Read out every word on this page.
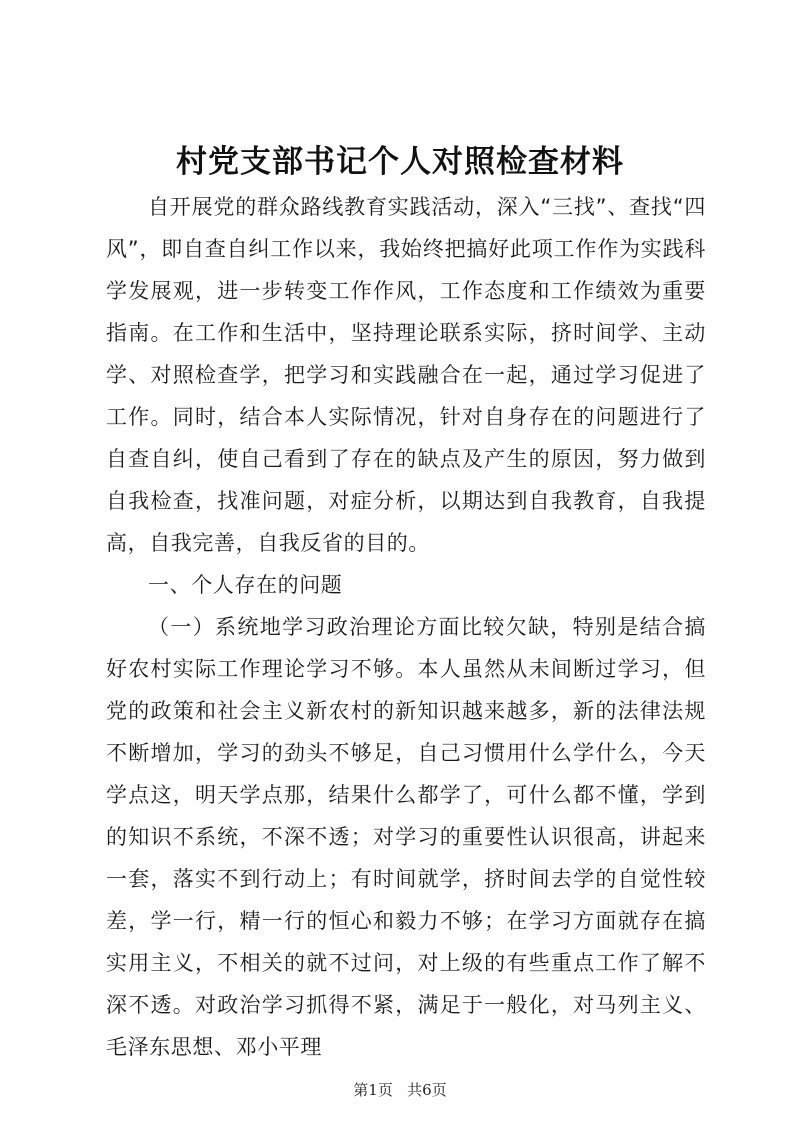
村党支部书记个人对照检查材料

自开展党的群众路线教育实践活动，深入“三找”、查找“四风”，即自查自纠工作以来，我始终把搞好此项工作作为实践科学发展观，进一步转变工作作风，工作态度和工作绩效为重要指南。在工作和生活中，坚持理论联系实际，挤时间学、主动学、对照检查学，把学习和实践融合在一起，通过学习促进了工作。同时，结合本人实际情况，针对自身存在的问题进行了自查自纠，使自己看到了存在的缺点及产生的原因，努力做到自我检查，找准问题，对症分析，以期达到自我教育，自我提高，自我完善，自我反省的目的。

一、个人存在的问题

（一）系统地学习政治理论方面比较欠缺，特别是结合搞好农村实际工作理论学习不够。本人虽然从未间断过学习，但党的政策和社会主义新农村的新知识越来越多，新的法律法规不断增加，学习的劲头不够足，自己习惯用什么学什么，今天学点这，明天学点那，结果什么都学了，可什么都不懂，学到的知识不系统，不深不透；对学习的重要性认识很高，讲起来一套，落实不到行动上；有时间就学，挤时间去学的自觉性较差，学一行，精一行的恒心和毅力不够；在学习方面就存在搞实用主义，不相关的就不过问，对上级的有些重点工作了解不深不透。对政治学习抓得不紧，满足于一般化，对马列主义、毛泽东思想、邓小平理

第1页 共6页
